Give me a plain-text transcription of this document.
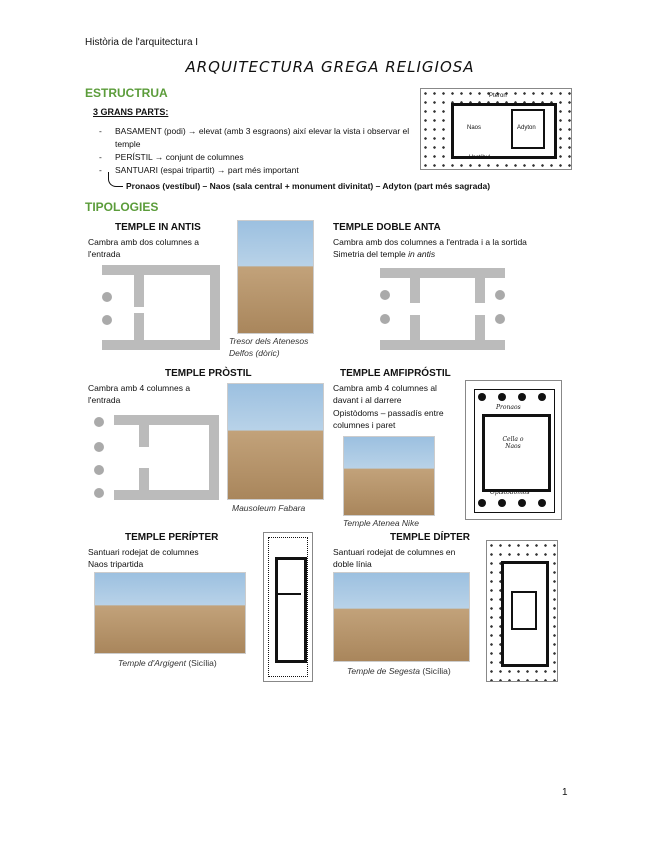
Història de l'arquitectura I
ARQUITECTURA GREGA RELIGIOSA
ESTRUCTRUA
3 GRANS PARTS:
- BASAMENT (podi) → elevat (amb 3 esgraons) així elevar la vista i observar el temple
- PERÍSTIL → conjunt de columnes
- SANTUARI (espai tripartit) → part més important
Pronaos (vestíbul) – Naos (sala central + monument divinitat) – Adyton (part més sagrada)
Pteron
Naos	Adyton
Vestíbul
TIPOLOGIES
TEMPLE IN ANTIS
Cambra amb dos columnes a l'entrada
Tresor dels Atenesos Delfos (dòric)
TEMPLE DOBLE ANTA
Cambra amb dos columnes a l'entrada i a la sortida
Simetria del temple in antis
TEMPLE PRÒSTIL
Cambra amb 4 columnes a l'entrada
Mausoleum Fabara
TEMPLE AMFIPRÓSTIL
Cambra amb 4 columnes al davant i al darrere
Opistòdoms – passadís entre columnes i paret
Temple Atenea Nike
Pronaos
Cella o Naos
Opistodomos
TEMPLE PERÍPTER
Santuari rodejat de columnes
Naos tripartida
Temple d'Argigent (Sicília)
TEMPLE DÍPTER
Santuari rodejat de columnes en doble línia
Temple de Segesta (Sicília)
1
